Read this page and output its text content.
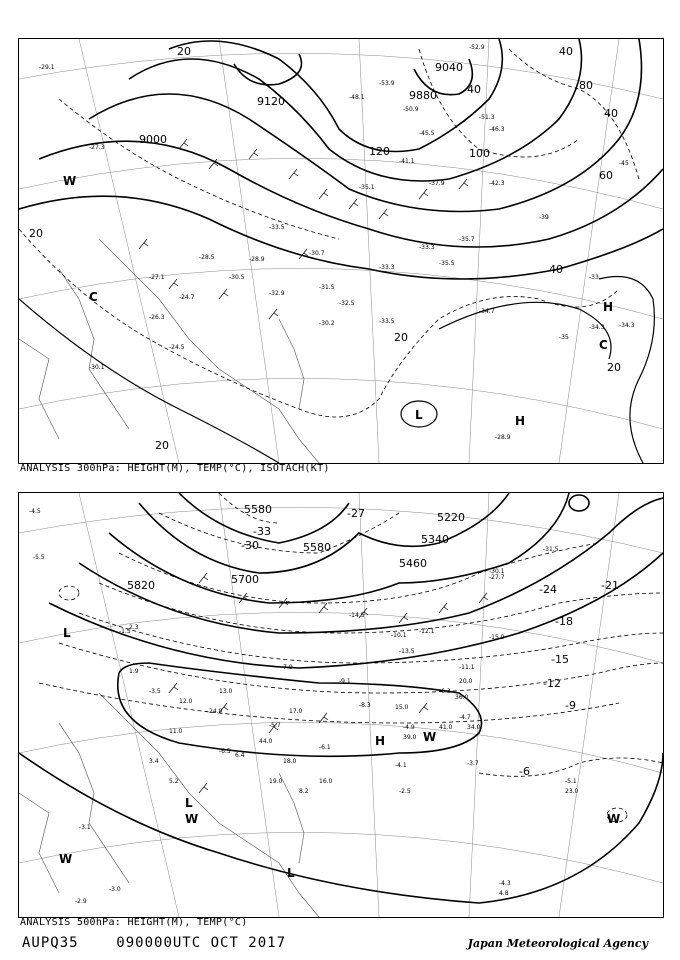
9120
9000
9880
9040
20
40
60
80
100
120
20
40
20
20
20
40
40
L	H
H
C
C
W
-29.1
-30.5
-31.5
-33.3
-33.5
-34.7
-35.5
-35.7
-35.1
-37.9
-41.1
-42.3
-45.5
-46.3
-50.9
-51.3
-52.9
-48.1
-28.9
-27.3
-26.3
-24.5
-28.5
-30.2
-32.5
-34.3
-30.1
-33.5
-39
-33
-35
-45
-53.9
-28.9
-27.1
-24.7
-30.7
-32.9
-34.3
-33.3
ANALYSIS 300hPa: HEIGHT(M), TEMP(°C), ISOTACH(KT)
5580
5700
5580
5340
5820
5460
5220
-33
-30
-27
-24	-21
-18
-15
-12
-9
-6
L
L
H	W
W
W
W
L
-4.5
-5.5
-3.1
-6.3
-4.7
-3.7
-4.3
-5.1
-2.5
-3.0
-12.1
-15.9
-27.7
-30.1
-31.5
-9.1
-14.5
-8.3
-7.9
-6.1
-4.9
-5.7
-10.1
-11.1
-13.5
-3.5
-6.5
-2.9
-1.5
-4.1
36.0
41.0
39.0
20.0
34.0
23.0
4.8
16.0
18.0
24.0
11.0
13.0
19.0
12.0
1.9
17.0
15.0
3.4
44.0
6.4
2.3
5.2
8.2
ANALYSIS 500hPa: HEIGHT(M), TEMP(°C)
AUPQ35	090000UTC OCT 2017	Japan Meteorological Agency
